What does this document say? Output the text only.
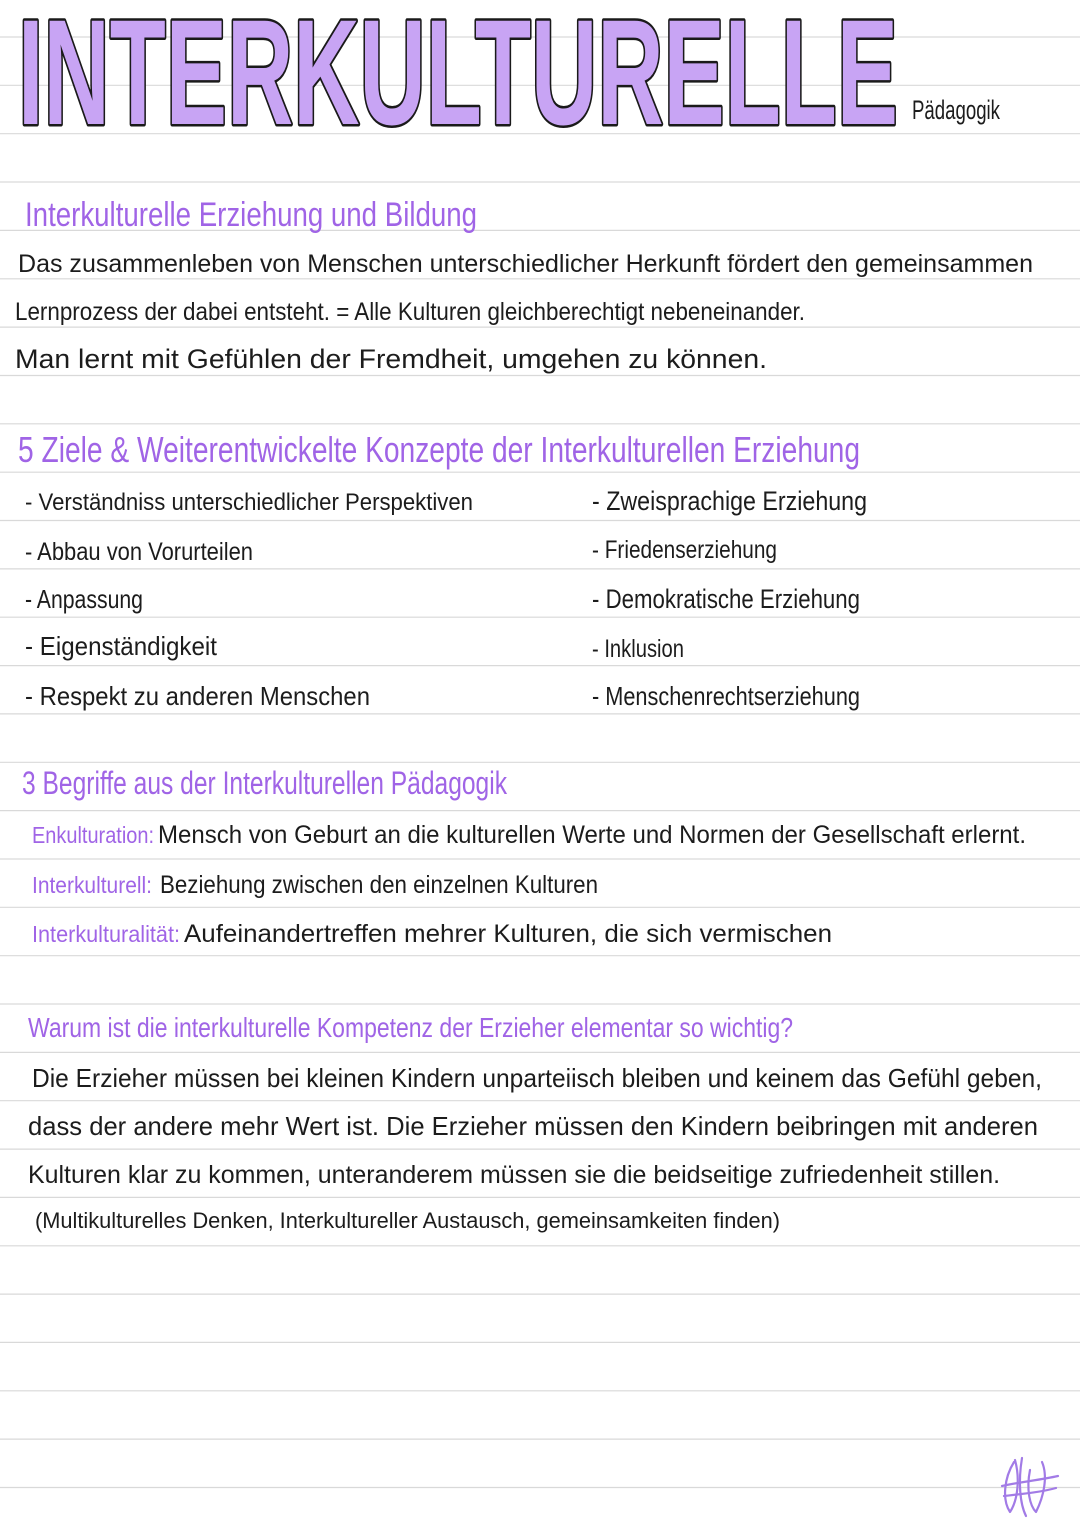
INTERKULTURELLE Pädagogik
Interkulturelle Erziehung und Bildung
Das zusammenleben von Menschen unterschiedlicher Herkunft fördert den gemeinsammen
Lernprozess der dabei entsteht. = Alle Kulturen gleichberechtigt nebeneinander.
Man lernt mit Gefühlen der Fremdheit, umgehen zu können.
5 Ziele & Weiterentwickelte Konzepte der Interkulturellen Erziehung
- Verständniss unterschiedlicher Perspektiven
- Abbau von Vorurteilen
- Anpassung
- Eigenständigkeit
- Respekt zu anderen Menschen
- Zweisprachige Erziehung
- Friedenserziehung
- Demokratische Erziehung
- Inklusion
- Menschenrechtserziehung
3 Begriffe aus der Interkulturellen Pädagogik
Enkulturation: Mensch von Geburt an die kulturellen Werte und Normen der Gesellschaft erlernt.
Interkulturell: Beziehung zwischen den einzelnen Kulturen
Interkulturalität: Aufeinandertreffen mehrer Kulturen, die sich vermischen
Warum ist die interkulturelle Kompetenz der Erzieher elementar so wichtig?
Die Erzieher müssen bei kleinen Kindern unparteiisch bleiben und keinem das Gefühl geben,
dass der andere mehr Wert ist. Die Erzieher müssen den Kindern beibringen mit anderen
Kulturen klar zu kommen, unteranderem müssen sie die beidseitige zufriedenheit stillen.
(Multikulturelles Denken, Interkultureller Austausch, gemeinsamkeiten finden)
